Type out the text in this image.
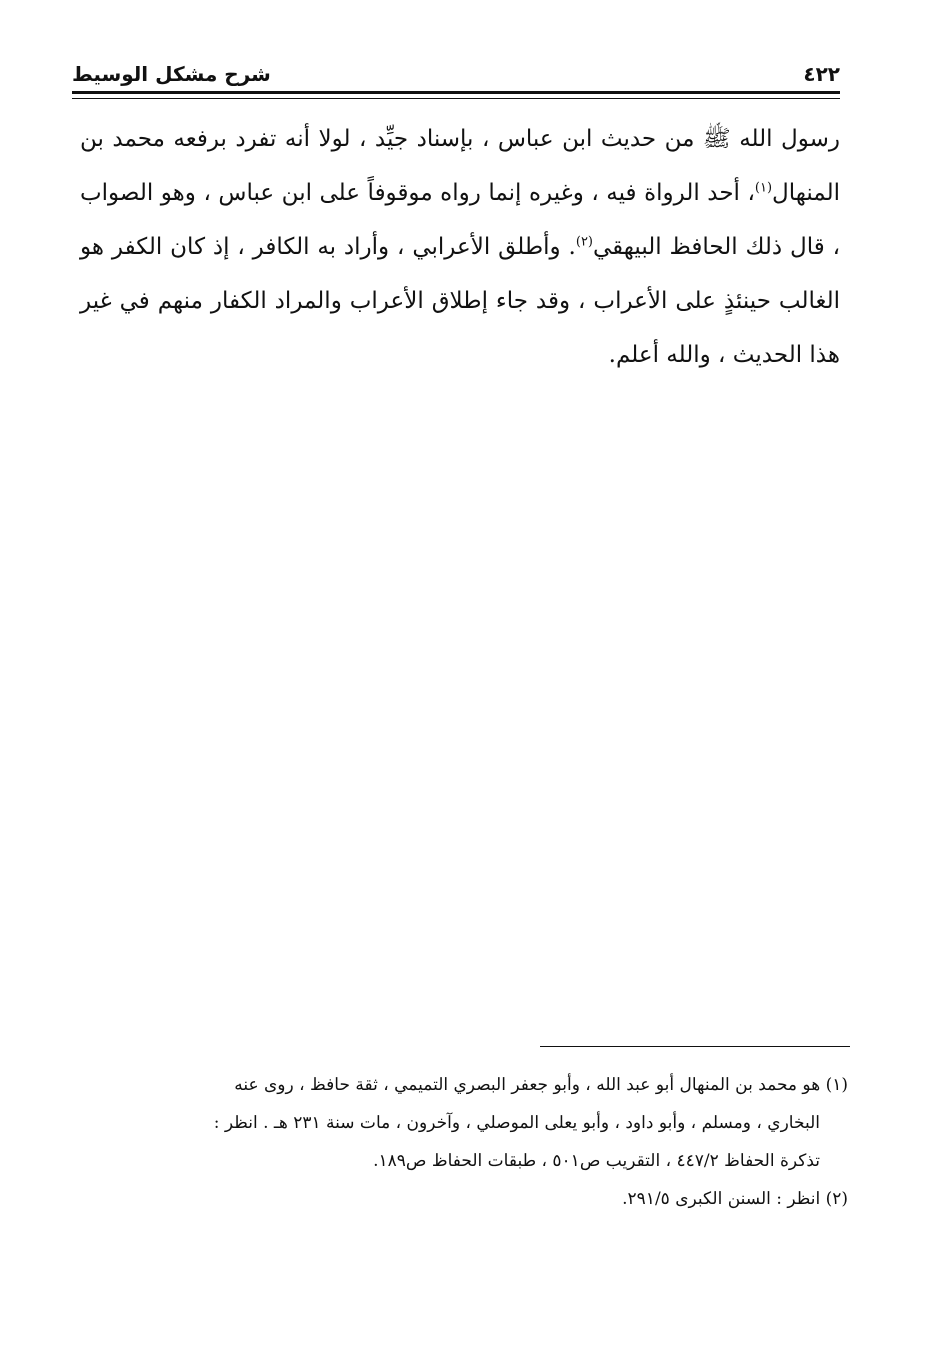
شرح مشكل الوسيط	٤٢٢
رسول الله ﷺ من حديث ابن عباس ، بإسناد جيِّد ، لولا أنه تفرد برفعه محمد بن المنهال$^{(١)}$، أحد الرواة فيه ، وغيره إنما رواه موقوفاً على ابن عباس ، وهو الصواب ، قال ذلك الحافظ البيهقي$^{(٢)}$. وأطلق الأعرابي ، وأراد به الكافر ، إذ كان الكفر هو الغالب حينئذٍ على الأعراب ، وقد جاء إطلاق الأعراب والمراد الكفار منهم في غير هذا الحديث ، والله أعلم.
(١) هو محمد بن المنهال أبو عبد الله ، وأبو جعفر البصري التميمي ، ثقة حافظ ، روى عنه
البخاري ، ومسلم ، وأبو داود ، وأبو يعلى الموصلي ، وآخرون ، مات سنة ٢٣١ هـ . انظر :
تذكرة الحفاظ ٤٤٧/٢ ، التقريب ص٥٠١ ، طبقات الحفاظ ص١٨٩.
(٢) انظر : السنن الكبرى ٢٩١/٥.
